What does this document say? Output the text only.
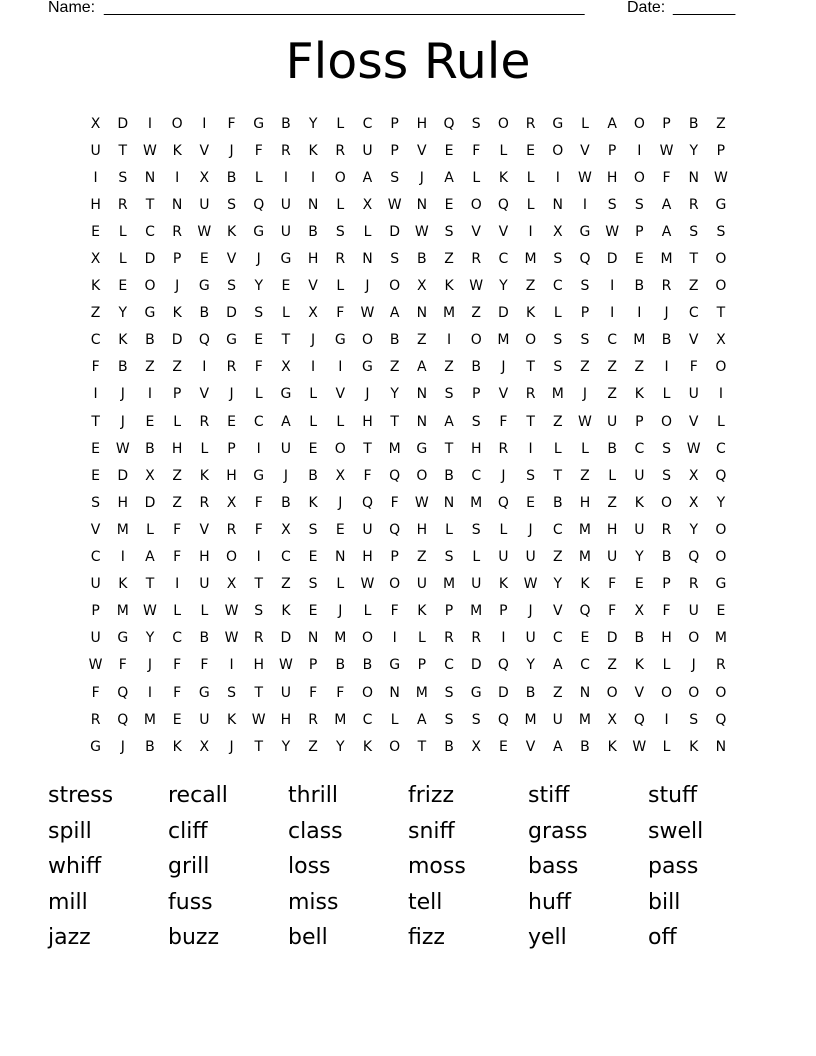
Name: ______________________________________________________	Date: _______
Floss Rule
X	D	I	O	I	F	G	B	Y	L	C	P	H	Q	S	O	R	G	L	A	O	P	B	Z
U	T	W	K	V	J	F	R	K	R	U	P	V	E	F	L	E	O	V	P	I	W	Y	P
I	S	N	I	X	B	L	I	I	O	A	S	J	A	L	K	L	I	W	H	O	F	N	W
H	R	T	N	U	S	Q	U	N	L	X	W	N	E	O	Q	L	N	I	S	S	A	R	G
E	L	C	R	W	K	G	U	B	S	L	D	W	S	V	V	I	X	G	W	P	A	S	S
X	L	D	P	E	V	J	G	H	R	N	S	B	Z	R	C	M	S	Q	D	E	M	T	O
K	E	O	J	G	S	Y	E	V	L	J	O	X	K	W	Y	Z	C	S	I	B	R	Z	O
Z	Y	G	K	B	D	S	L	X	F	W	A	N	M	Z	D	K	L	P	I	I	J	C	T
C	K	B	D	Q	G	E	T	J	G	O	B	Z	I	O	M	O	S	S	C	M	B	V	X
F	B	Z	Z	I	R	F	X	I	I	G	Z	A	Z	B	J	T	S	Z	Z	Z	I	F	O
I	J	I	P	V	J	L	G	L	V	J	Y	N	S	P	V	R	M	J	Z	K	L	U	I
T	J	E	L	R	E	C	A	L	L	H	T	N	A	S	F	T	Z	W	U	P	O	V	L
E	W	B	H	L	P	I	U	E	O	T	M	G	T	H	R	I	L	L	B	C	S	W	C
E	D	X	Z	K	H	G	J	B	X	F	Q	O	B	C	J	S	T	Z	L	U	S	X	Q
S	H	D	Z	R	X	F	B	K	J	Q	F	W	N	M	Q	E	B	H	Z	K	O	X	Y
V	M	L	F	V	R	F	X	S	E	U	Q	H	L	S	L	J	C	M	H	U	R	Y	O
C	I	A	F	H	O	I	C	E	N	H	P	Z	S	L	U	U	Z	M	U	Y	B	Q	O
U	K	T	I	U	X	T	Z	S	L	W	O	U	M	U	K	W	Y	K	F	E	P	R	G
P	M	W	L	L	W	S	K	E	J	L	F	K	P	M	P	J	V	Q	F	X	F	U	E
U	G	Y	C	B	W	R	D	N	M	O	I	L	R	R	I	U	C	E	D	B	H	O	M
W	F	J	F	F	I	H	W	P	B	B	G	P	C	D	Q	Y	A	C	Z	K	L	J	R
F	Q	I	F	G	S	T	U	F	F	O	N	M	S	G	D	B	Z	N	O	V	O	O	O
R	Q	M	E	U	K	W	H	R	M	C	L	A	S	S	Q	M	U	M	X	Q	I	S	Q
G	J	B	K	X	J	T	Y	Z	Y	K	O	T	B	X	E	V	A	B	K	W	L	K	N
stress	recall	thrill	frizz	stiff	stuff
spill	cliff	class	sniff	grass	swell
whiff	grill	loss	moss	bass	pass
mill	fuss	miss	tell	huff	bill
jazz	buzz	bell	fizz	yell	off
